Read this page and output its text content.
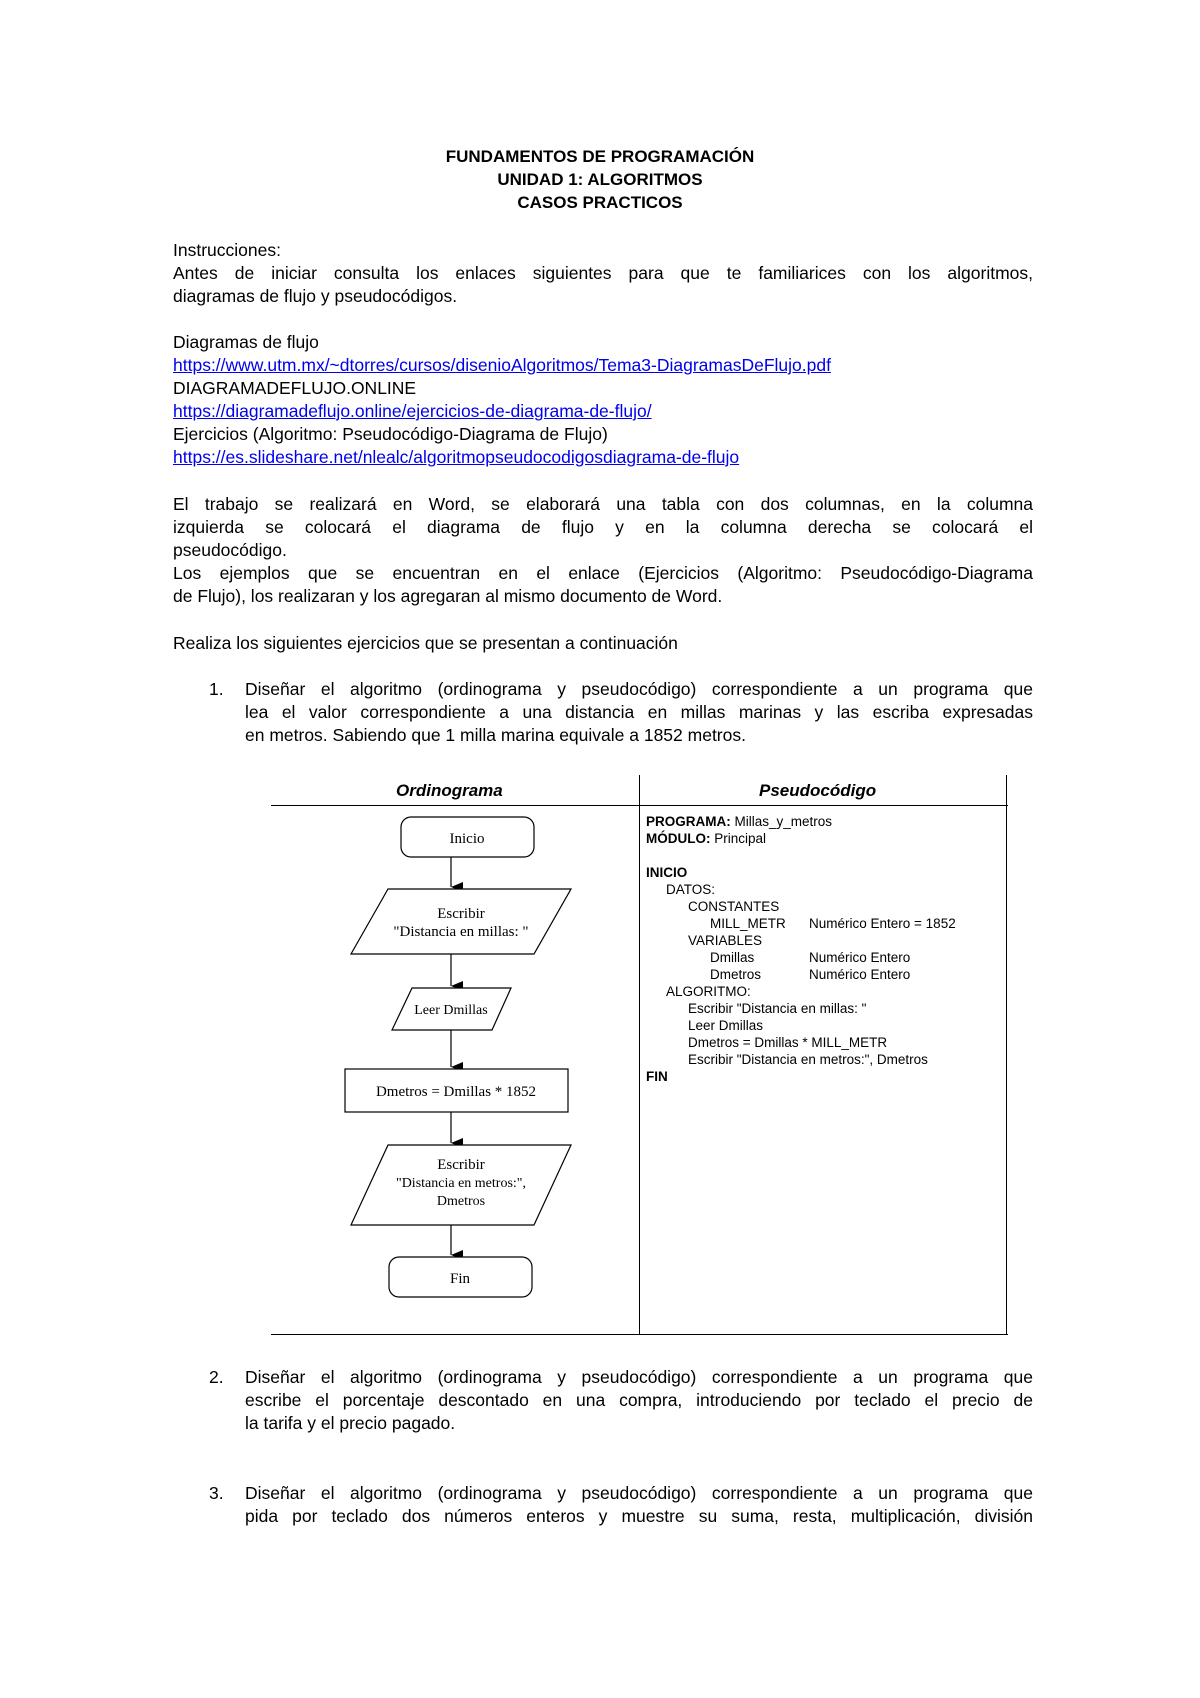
FUNDAMENTOS DE PROGRAMACIÓN
UNIDAD 1: ALGORITMOS
CASOS PRACTICOS
Instrucciones:
Antes de iniciar consulta los enlaces siguientes para que te familiarices con los algoritmos,
diagramas de flujo y pseudocódigos.
Diagramas de flujo
https://www.utm.mx/~dtorres/cursos/disenioAlgoritmos/Tema3-DiagramasDeFlujo.pdf
DIAGRAMADEFLUJO.ONLINE
https://diagramadeflujo.online/ejercicios-de-diagrama-de-flujo/
Ejercicios (Algoritmo: Pseudocódigo-Diagrama de Flujo)
https://es.slideshare.net/nlealc/algoritmopseudocodigosdiagrama-de-flujo
El trabajo se realizará en Word, se elaborará una tabla con dos columnas, en la columna
izquierda se colocará el diagrama de flujo y en la columna derecha se colocará el
pseudocódigo.
Los ejemplos que se encuentran en el enlace (Ejercicios (Algoritmo: Pseudocódigo-Diagrama
de Flujo), los realizaran y los agregaran al mismo documento de Word.
Realiza los siguientes ejercicios que se presentan a continuación
1. Diseñar el algoritmo (ordinograma y pseudocódigo) correspondiente a un programa que
lea el valor correspondiente a una distancia en millas marinas y las escriba expresadas
en metros. Sabiendo que 1 milla marina equivale a 1852 metros.
Ordinograma	Pseudocódigo
Inicio
Escribir
"Distancia en millas: "
Leer Dmillas
Dmetros = Dmillas * 1852
Escribir
"Distancia en metros:",
Dmetros
Fin
PROGRAMA: Millas_y_metros
MÓDULO: Principal
INICIO
DATOS:
CONSTANTES
MILL_METR Numérico Entero = 1852
VARIABLES
Dmillas	Numérico Entero
Dmetros	Numérico Entero
ALGORITMO:
Escribir "Distancia en millas: "
Leer Dmillas
Dmetros = Dmillas * MILL_METR
Escribir "Distancia en metros:", Dmetros
FIN
2. Diseñar el algoritmo (ordinograma y pseudocódigo) correspondiente a un programa que
escribe el porcentaje descontado en una compra, introduciendo por teclado el precio de
la tarifa y el precio pagado.
3. Diseñar el algoritmo (ordinograma y pseudocódigo) correspondiente a un programa que
pida por teclado dos números enteros y muestre su suma, resta, multiplicación, división
